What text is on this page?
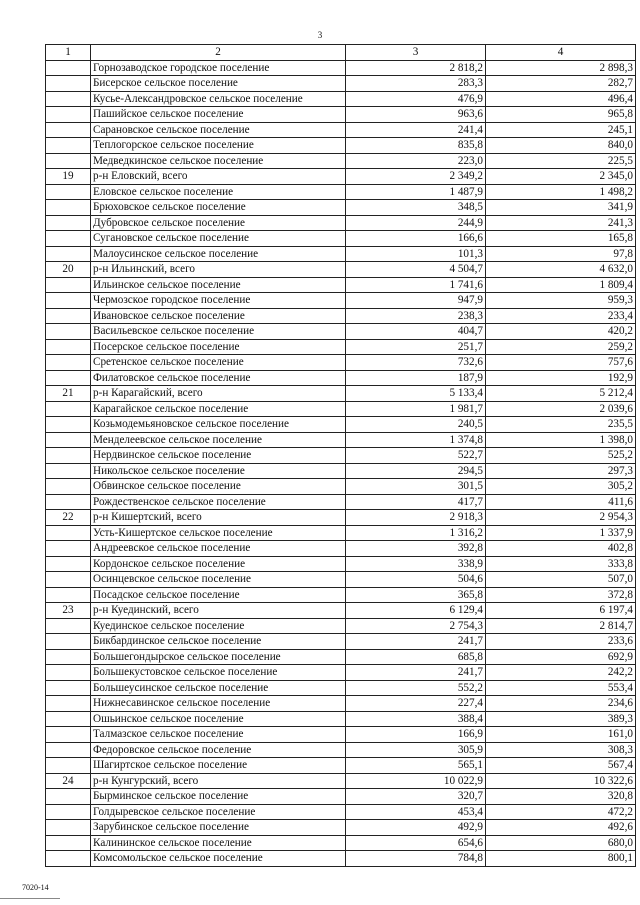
3
1	2	3	4
	Горнозаводское городское поселение	2 818,2	2 898,3
	Бисерское сельское поселение	283,3	282,7
	Кусье-Александровское сельское поселение	476,9	496,4
	Пашийское сельское поселение	963,6	965,8
	Сарановское сельское поселение	241,4	245,1
	Теплогорское сельское поселение	835,8	840,0
	Медведкинское сельское поселение	223,0	225,5
19	р-н Еловский, всего	2 349,2	2 345,0
	Еловское сельское поселение	1 487,9	1 498,2
	Брюховское сельское поселение	348,5	341,9
	Дубровское сельское поселение	244,9	241,3
	Сугановское сельское поселение	166,6	165,8
	Малоусинское сельское поселение	101,3	97,8
20	р-н Ильинский, всего	4 504,7	4 632,0
	Ильинское сельское поселение	1 741,6	1 809,4
	Чермозское городское поселение	947,9	959,3
	Ивановское сельское поселение	238,3	233,4
	Васильевское сельское поселение	404,7	420,2
	Посерское сельское поселение	251,7	259,2
	Сретенское сельское поселение	732,6	757,6
	Филатовское сельское поселение	187,9	192,9
21	р-н Карагайский, всего	5 133,4	5 212,4
	Карагайское сельское поселение	1 981,7	2 039,6
	Козьмодемьяновское сельское поселение	240,5	235,5
	Менделеевское сельское поселение	1 374,8	1 398,0
	Нердвинское сельское поселение	522,7	525,2
	Никольское сельское поселение	294,5	297,3
	Обвинское сельское поселение	301,5	305,2
	Рождественское сельское поселение	417,7	411,6
22	р-н Кишертский, всего	2 918,3	2 954,3
	Усть-Кишертское сельское поселение	1 316,2	1 337,9
	Андреевское сельское поселение	392,8	402,8
	Кордонское сельское поселение	338,9	333,8
	Осинцевское сельское поселение	504,6	507,0
	Посадское сельское поселение	365,8	372,8
23	р-н Куединский, всего	6 129,4	6 197,4
	Куединское сельское поселение	2 754,3	2 814,7
	Бикбардинское сельское поселение	241,7	233,6
	Большегондырское сельское поселение	685,8	692,9
	Большекустовское сельское поселение	241,7	242,2
	Большеусинское сельское поселение	552,2	553,4
	Нижнесавинское сельское поселение	227,4	234,6
	Ошьинское сельское поселение	388,4	389,3
	Талмазское сельское поселение	166,9	161,0
	Федоровское сельское поселение	305,9	308,3
	Шагиртское сельское поселение	565,1	567,4
24	р-н Кунгурский, всего	10 022,9	10 322,6
	Бырминское сельское поселение	320,7	320,8
	Голдыревское сельское поселение	453,4	472,2
	Зарубинское сельское поселение	492,9	492,6
	Калининское сельское поселение	654,6	680,0
	Комсомольское сельское поселение	784,8	800,1
7020-14
